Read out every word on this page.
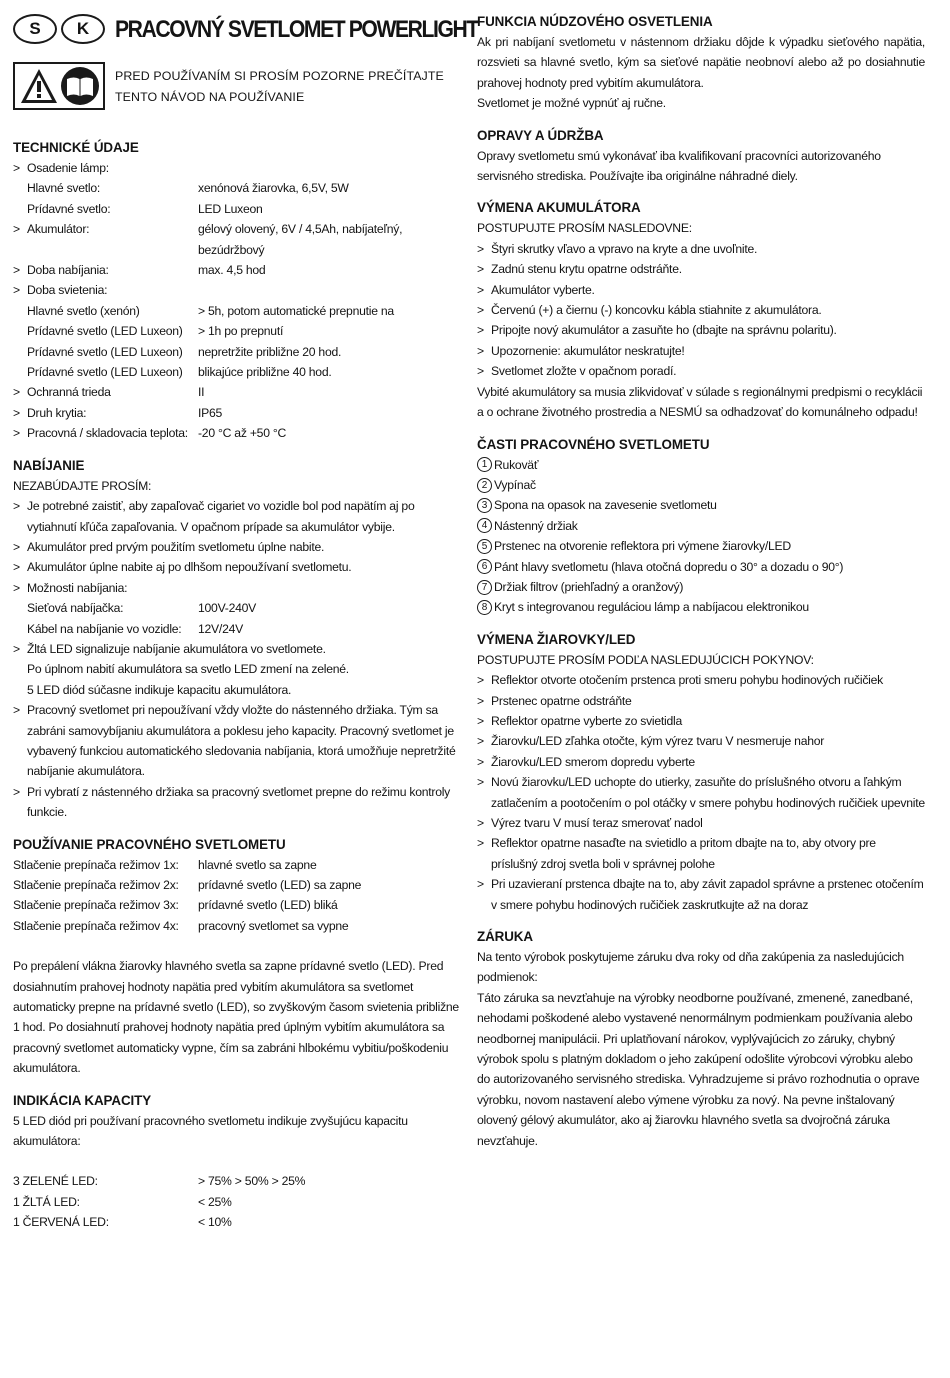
S	K	PRACOVNÝ SVETLOMET POWERLIGHT
PRED POUŽÍVANÍM SI PROSÍM POZORNE PREČÍTAJTE TENTO NÁVOD NA POUŽÍVANIE
TECHNICKÉ ÚDAJE
> Osadenie lámp:
Hlavné svetlo:	xenónová žiarovka, 6,5V, 5W
Prídavné svetlo:	LED Luxeon
> Akumulátor:	gélový olovený, 6V / 4,5Ah, nabíjateľný, bezúdržbový
> Doba nabíjania:	max. 4,5 hod
> Doba svietenia:
Hlavné svetlo (xenón)	> 5h, potom automatické prepnutie na
Prídavné svetlo (LED Luxeon)	> 1h po prepnutí
Prídavné svetlo (LED Luxeon)	nepretržite približne 20 hod.
Prídavné svetlo (LED Luxeon)	blikajúce približne 40 hod.
> Ochranná trieda	II
> Druh krytia:	IP65
> Pracovná / skladovacia teplota: -20 °C až +50 °C
NABÍJANIE
NEZABÚDAJTE PROSÍM:
> Je potrebné zaistiť, aby zapaľovač cigariet vo vozidle bol pod napätím aj po vytiahnutí kľúča zapaľovania. V opačnom prípade sa akumulátor vybije.
> Akumulátor pred prvým použitím svetlometu úplne nabite.
> Akumulátor úplne nabite aj po dlhšom nepoužívaní svetlometu.
> Možnosti nabíjania:
Sieťová nabíjačka:	100V-240V
Kábel na nabíjanie vo vozidle:	12V/24V
> Žltá LED signalizuje nabíjanie akumulátora vo svetlomete.
Po úplnom nabití akumulátora sa svetlo LED zmení na zelené.
5 LED diód súčasne indikuje kapacitu akumulátora.
> Pracovný svetlomet pri nepoužívaní vždy vložte do nástenného držiaka. Tým sa zabráni samovybíjaniu akumulátora a poklesu jeho kapacity. Pracovný svetlomet je vybavený funkciou automatického sledovania nabíjania, ktorá umožňuje nepretržité nabíjanie akumulátora.
> Pri vybratí z nástenného držiaka sa pracovný svetlomet prepne do režimu kontroly funkcie.
POUŽÍVANIE PRACOVNÉHO SVETLOMETU
Stlačenie prepínača režimov 1x:	hlavné svetlo sa zapne
Stlačenie prepínača režimov 2x:	prídavné svetlo (LED) sa zapne
Stlačenie prepínača režimov 3x:	prídavné svetlo (LED) bliká
Stlačenie prepínača režimov 4x:	pracovný svetlomet sa vypne
Po prepálení vlákna žiarovky hlavného svetla sa zapne prídavné svetlo (LED). Pred dosiahnutím prahovej hodnoty napätia pred vybitím akumulátora sa svetlomet automaticky prepne na prídavné svetlo (LED), so zvyškovým časom svietenia približne 1 hod. Po dosiahnutí prahovej hodnoty napätia pred úplným vybitím akumulátora sa pracovný svetlomet automaticky vypne, čím sa zabráni hlbokému vybitiu/poškodeniu akumulátora.
INDIKÁCIA KAPACITY
5 LED diód pri používaní pracovného svetlometu indikuje zvyšujúcu kapacitu akumulátora:
3 ZELENÉ LED:	> 75% > 50% > 25%
1 ŽLTÁ LED:	< 25%
1 ČERVENÁ LED:	< 10%
FUNKCIA NÚDZOVÉHO OSVETLENIA
Ak pri nabíjaní svetlometu v nástennom držiaku dôjde k výpadku sieťového napätia, rozsvieti sa hlavné svetlo, kým sa sieťové napätie neobnoví alebo až po dosiahnutie prahovej hodnoty pred vybitím akumulátora.
Svetlomet je možné vypnúť aj ručne.
OPRAVY A ÚDRŽBA
Opravy svetlometu smú vykonávať iba kvalifikovaní pracovníci autorizovaného servisného strediska. Používajte iba originálne náhradné diely.
VÝMENA AKUMULÁTORA
POSTUPUJTE PROSÍM NASLEDOVNE:
> Štyri skrutky vľavo a vpravo na kryte a dne uvoľnite.
> Zadnú stenu krytu opatrne odstráňte.
> Akumulátor vyberte.
> Červenú (+) a čiernu (-) koncovku kábla stiahnite z akumulátora.
> Pripojte nový akumulátor a zasuňte ho (dbajte na správnu polaritu).
> Upozornenie: akumulátor neskratujte!
> Svetlomet zložte v opačnom poradí.
Vybité akumulátory sa musia zlikvidovať v súlade s regionálnymi predpismi o recyklácii a o ochrane životného prostredia a NESMÚ sa odhadzovať do komunálneho odpadu!
ČASTI PRACOVNÉHO SVETLOMETU
1 Rukoväť
2 Vypínač
3 Spona na opasok na zavesenie svetlometu
4 Nástenný držiak
5 Prstenec na otvorenie reflektora pri výmene žiarovky/LED
6 Pánt hlavy svetlometu (hlava otočná dopredu o 30° a dozadu o 90°)
7 Držiak filtrov (priehľadný a oranžový)
8 Kryt s integrovanou reguláciou lámp a nabíjacou elektronikou
VÝMENA ŽIAROVKY/LED
POSTUPUJTE PROSÍM PODĽA NASLEDUJÚCICH POKYNOV:
> Reflektor otvorte otočením prstenca proti smeru pohybu hodinových ručičiek
> Prstenec opatrne odstráňte
> Reflektor opatrne vyberte zo svietidla
> Žiarovku/LED zľahka otočte, kým výrez tvaru V nesmeruje nahor
> Žiarovku/LED smerom dopredu vyberte
> Novú žiarovku/LED uchopte do utierky, zasuňte do príslušného otvoru a ľahkým zatlačením a pootočením o pol otáčky v smere pohybu hodinových ručičiek upevnite
> Výrez tvaru V musí teraz smerovať nadol
> Reflektor opatrne nasaďte na svietidlo a pritom dbajte na to, aby otvory pre príslušný zdroj svetla boli v správnej polohe
> Pri uzavieraní prstenca dbajte na to, aby závit zapadol správne a prstenec otočením v smere pohybu hodinových ručičiek zaskrutkujte až na doraz
ZÁRUKA
Na tento výrobok poskytujeme záruku dva roky od dňa zakúpenia za nasledujúcich podmienok:
Táto záruka sa nevzťahuje na výrobky neodborne používané, zmenené, zanedbané, nehodami poškodené alebo vystavené nenormálnym podmienkam používania alebo neodbornej manipulácii. Pri uplatňovaní nárokov, vyplývajúcich zo záruky, chybný výrobok spolu s platným dokladom o jeho zakúpení odošlite výrobcovi výrobku alebo do autorizovaného servisného strediska. Vyhradzujeme si právo rozhodnutia o oprave výrobku, novom nastavení alebo výmene výrobku za nový. Na pevne inštalovaný olovený gélový akumulátor, ako aj žiarovku hlavného svetla sa dvojročná záruka nevzťahuje.
